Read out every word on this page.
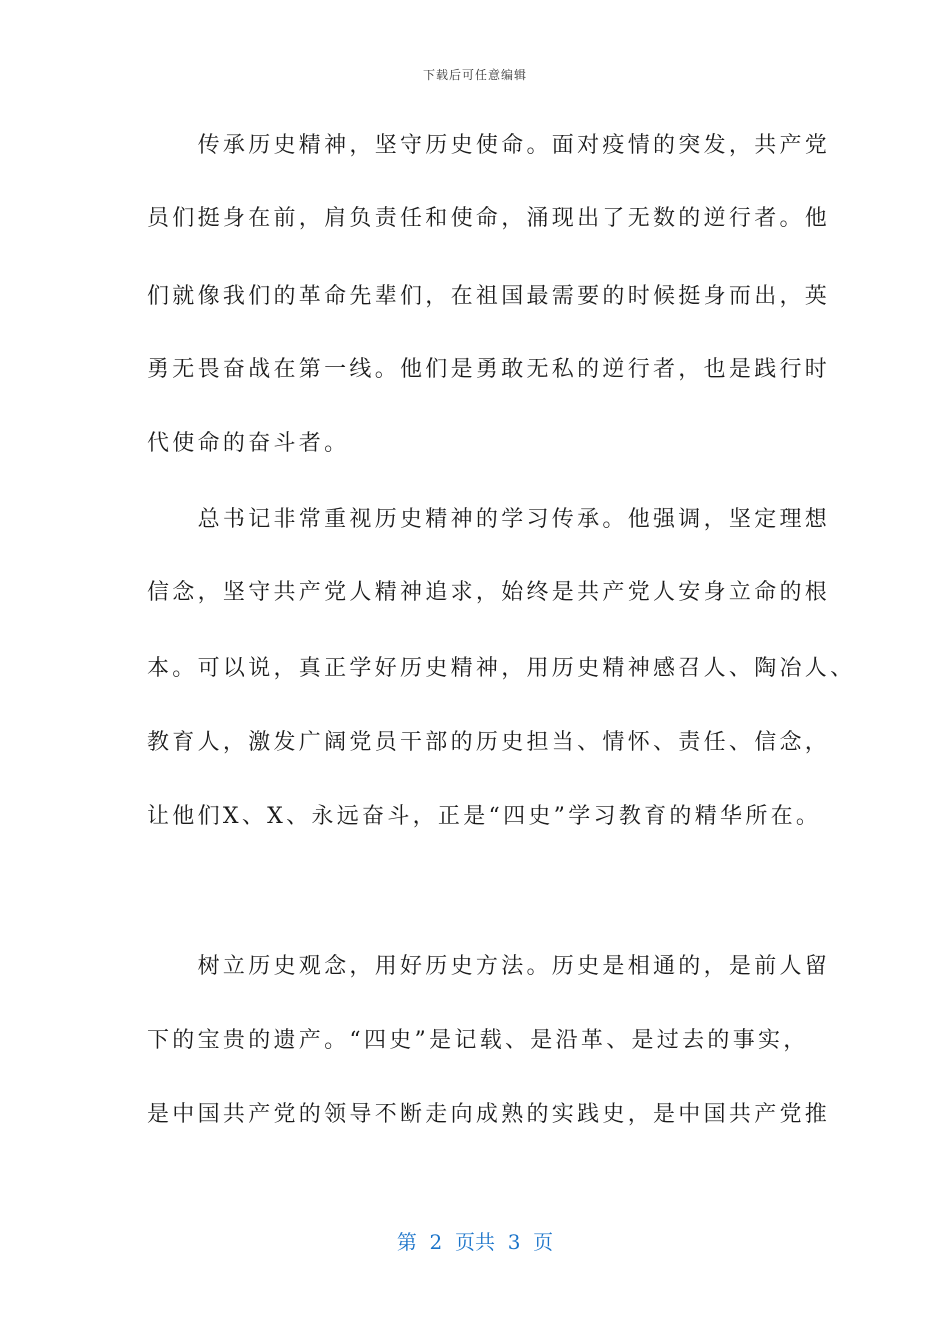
下载后可任意编辑
　　传承历史精神，坚守历史使命。面对疫情的突发，共产党
员们挺身在前，肩负责任和使命，涌现出了无数的逆行者。他
们就像我们的革命先辈们，在祖国最需要的时候挺身而出，英
勇无畏奋战在第一线。他们是勇敢无私的逆行者，也是践行时
代使命的奋斗者。
　　总书记非常重视历史精神的学习传承。他强调，坚定理想
信念，坚守共产党人精神追求，始终是共产党人安身立命的根
本。可以说，真正学好历史精神，用历史精神感召人、陶冶人、
教育人，激发广阔党员干部的历史担当、情怀、责任、信念，
让他们X、X、永远奋斗，正是“四史”学习教育的精华所在。
　　树立历史观念，用好历史方法。历史是相通的，是前人留
下的宝贵的遗产。“四史”是记载、是沿革、是过去的事实，
是中国共产党的领导不断走向成熟的实践史，是中国共产党推
第  2  页共  3  页
